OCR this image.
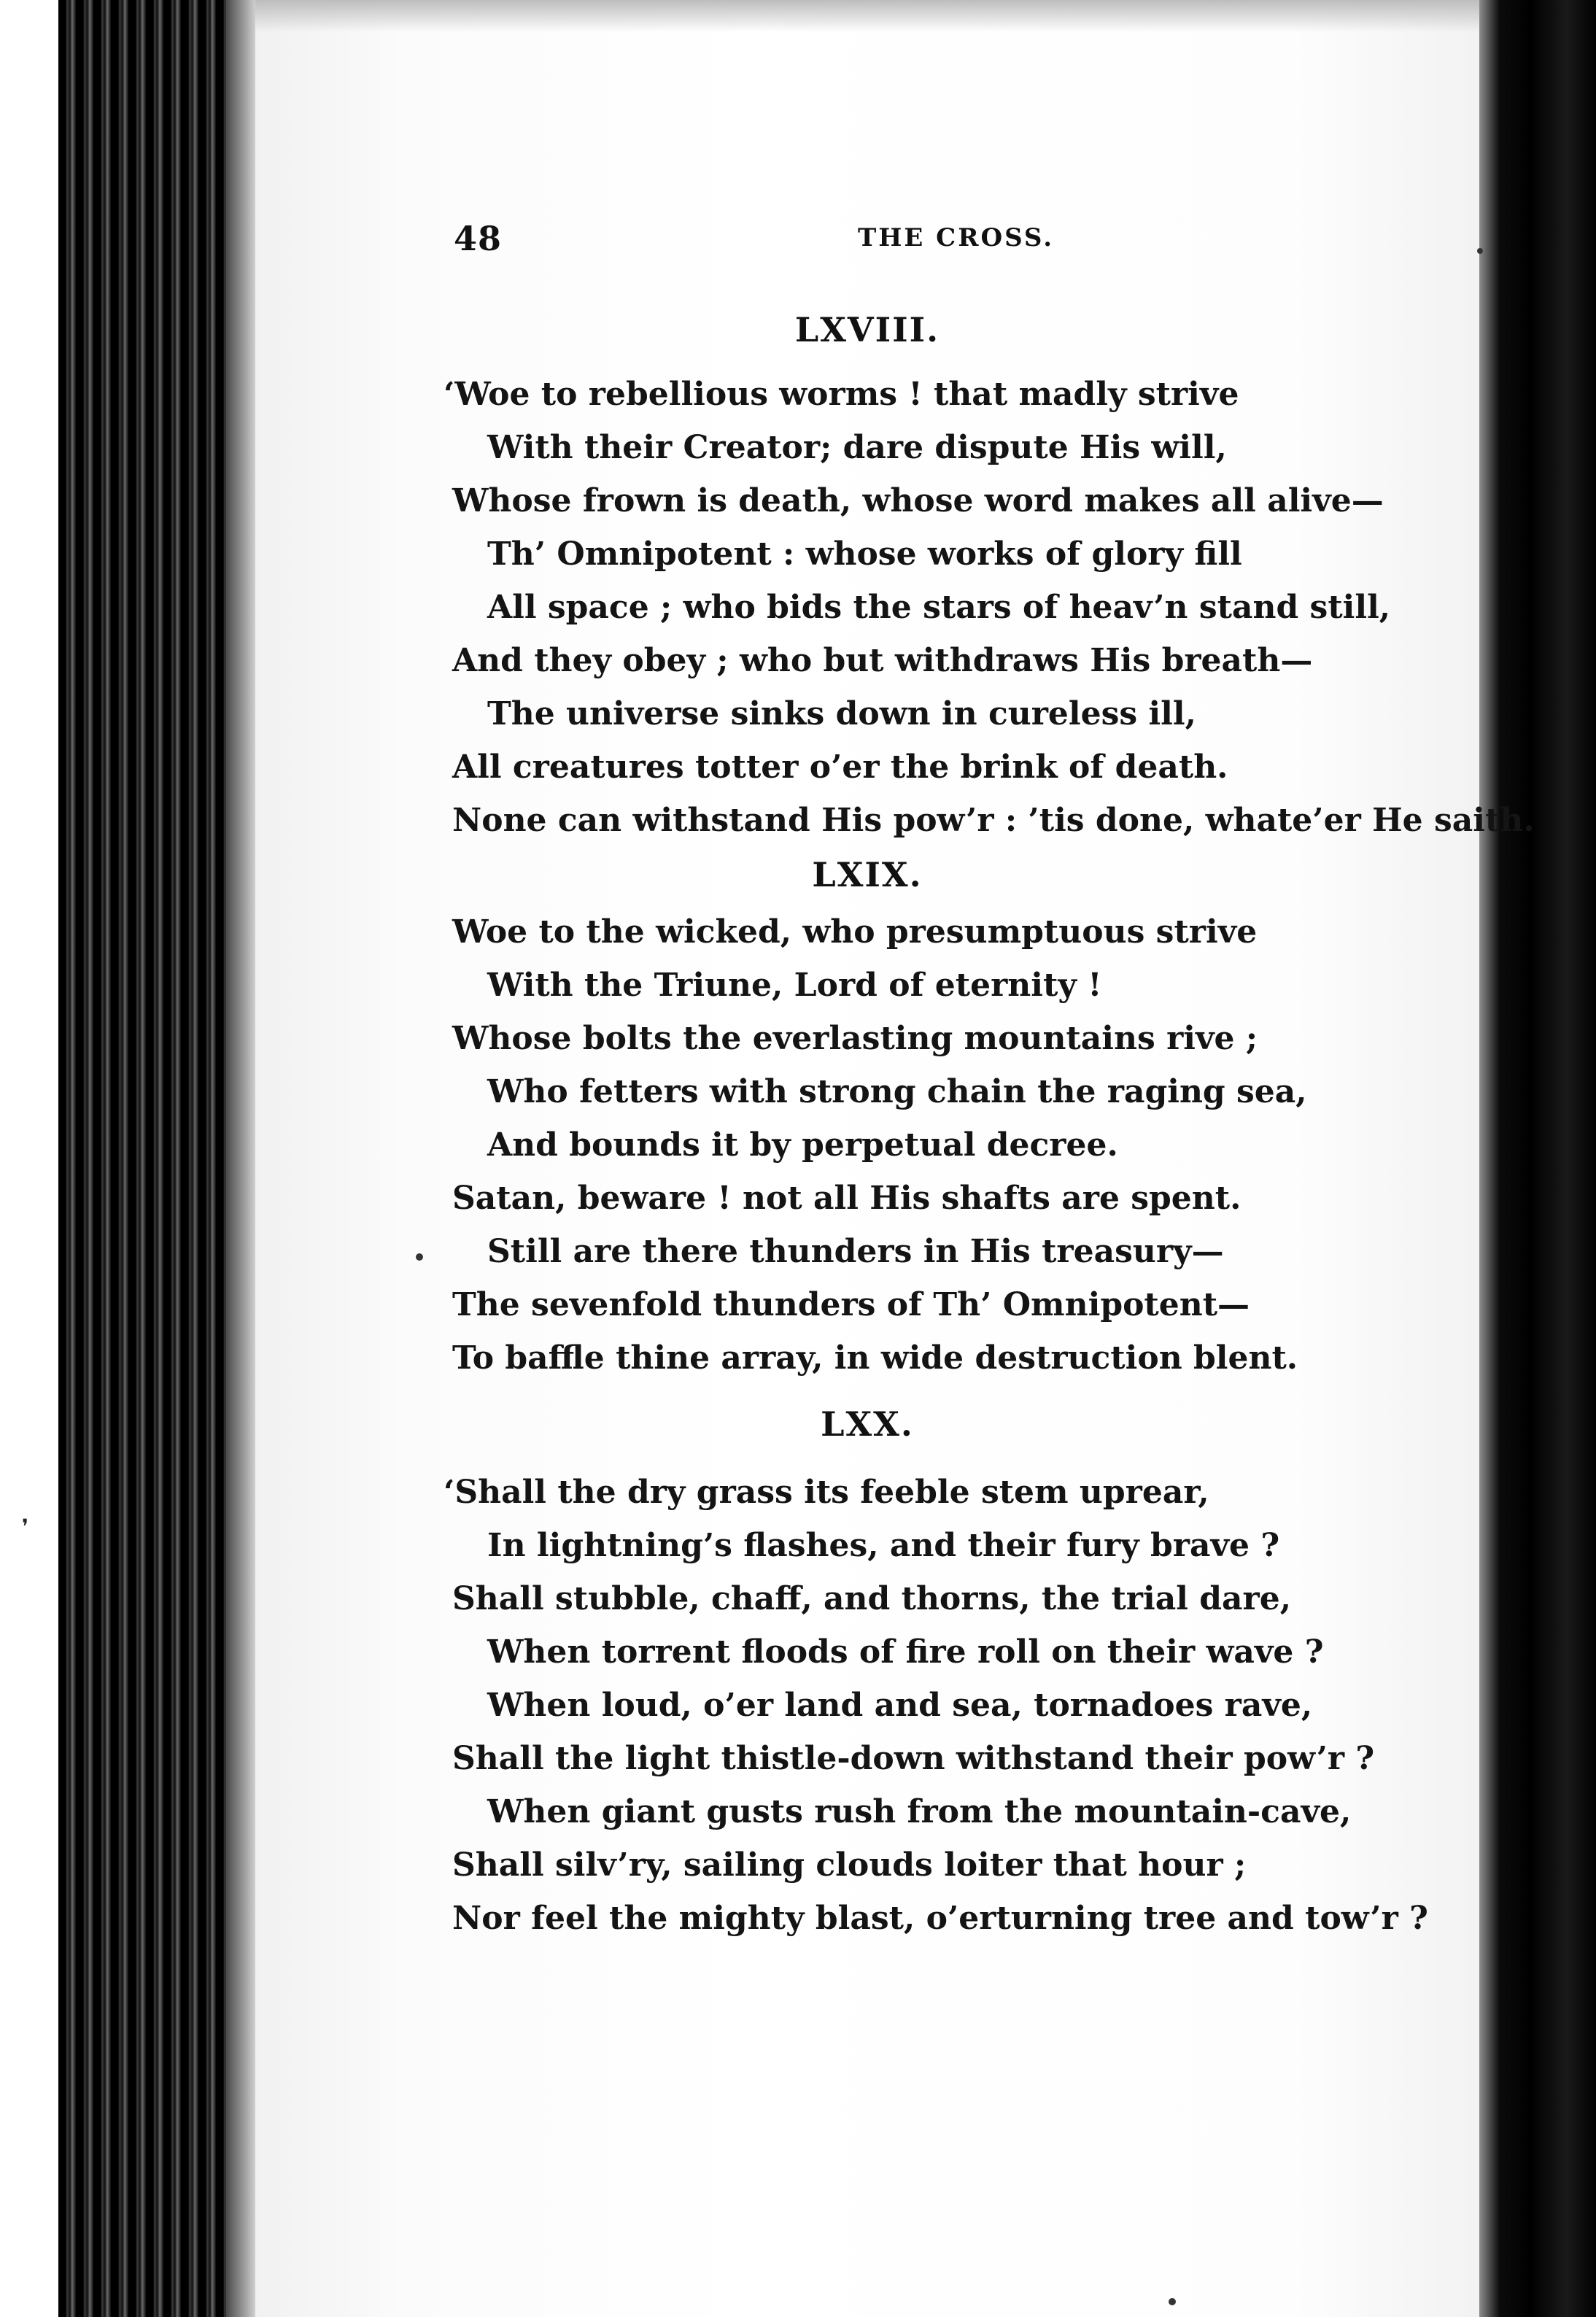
❜
48	THE CROSS.
LXVIII.
‘Woe to rebellious worms ! that madly strive
With their Creator; dare dispute His will,
Whose frown is death, whose word makes all alive—
Th’ Omnipotent : whose works of glory fill
All space ; who bids the stars of heav’n stand still,
And they obey ; who but withdraws His breath—
The universe sinks down in cureless ill,
All creatures totter o’er the brink of death.
None can withstand His pow’r : ’tis done, whate’er He saith.
LXIX.
Woe to the wicked, who presumptuous strive
With the Triune, Lord of eternity !
Whose bolts the everlasting mountains rive ;
Who fetters with strong chain the raging sea,
And bounds it by perpetual decree.
Satan, beware ! not all His shafts are spent.
Still are there thunders in His treasury—
The sevenfold thunders of Th’ Omnipotent—
To baffle thine array, in wide destruction blent.
LXX.
‘Shall the dry grass its feeble stem uprear,
In lightning’s flashes, and their fury brave ?
Shall stubble, chaff, and thorns, the trial dare,
When torrent floods of fire roll on their wave ?
When loud, o’er land and sea, tornadoes rave,
Shall the light thistle-down withstand their pow’r ?
When giant gusts rush from the mountain-cave,
Shall silv’ry, sailing clouds loiter that hour ;
Nor feel the mighty blast, o’erturning tree and tow’r ?
